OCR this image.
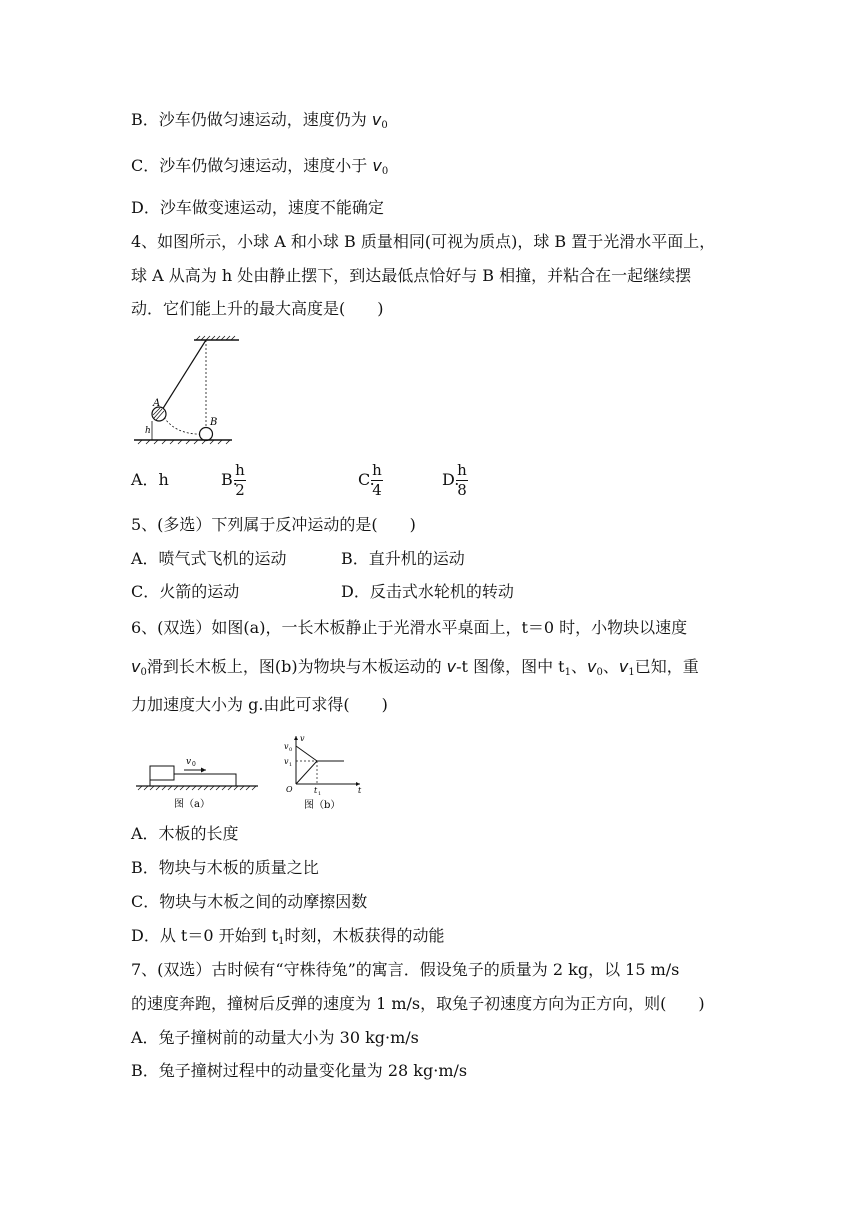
B．沙车仍做匀速运动，速度仍为 $v_0$
C．沙车仍做匀速运动，速度小于 $v_0$
D．沙车做变速运动，速度不能确定
4、如图所示，小球 A 和小球 B 质量相同(可视为质点)，球 B 置于光滑水平面上，
球 A 从高为 h 处由静止摆下，到达最低点恰好与 B 相撞，并粘合在一起继续摆
动．它们能上升的最大高度是(　　)
A
B
h
A．h	B.
h
2
C.
h
4
D.
h
8
5、(多选）下列属于反冲运动的是(　　)
A．喷气式飞机的运动	B．直升机的运动
C．火箭的运动	D．反击式水轮机的转动
6、(双选）如图(a)，一长木板静止于光滑水平桌面上，t＝0 时，小物块以速度
$v_0$滑到长木板上，图(b)为物块与木板运动的 v-t 图像，图中 $t_1$、$v_0$、$v_1$已知，重
力加速度大小为 g.由此可求得(　　)
v 0
图（a）
v
v 0
v 1
O	t 1	t
图（b）
A．木板的长度
B．物块与木板的质量之比
C．物块与木板之间的动摩擦因数
D．从 t＝0 开始到 $t_1$时刻，木板获得的动能
7、(双选）古时候有“守株待兔”的寓言．假设兔子的质量为 2 kg，以 15 m/s
的速度奔跑，撞树后反弹的速度为 1 m/s，取兔子初速度方向为正方向，则(　　)
A．兔子撞树前的动量大小为 30 kg·m/s
B．兔子撞树过程中的动量变化量为 28 kg·m/s
